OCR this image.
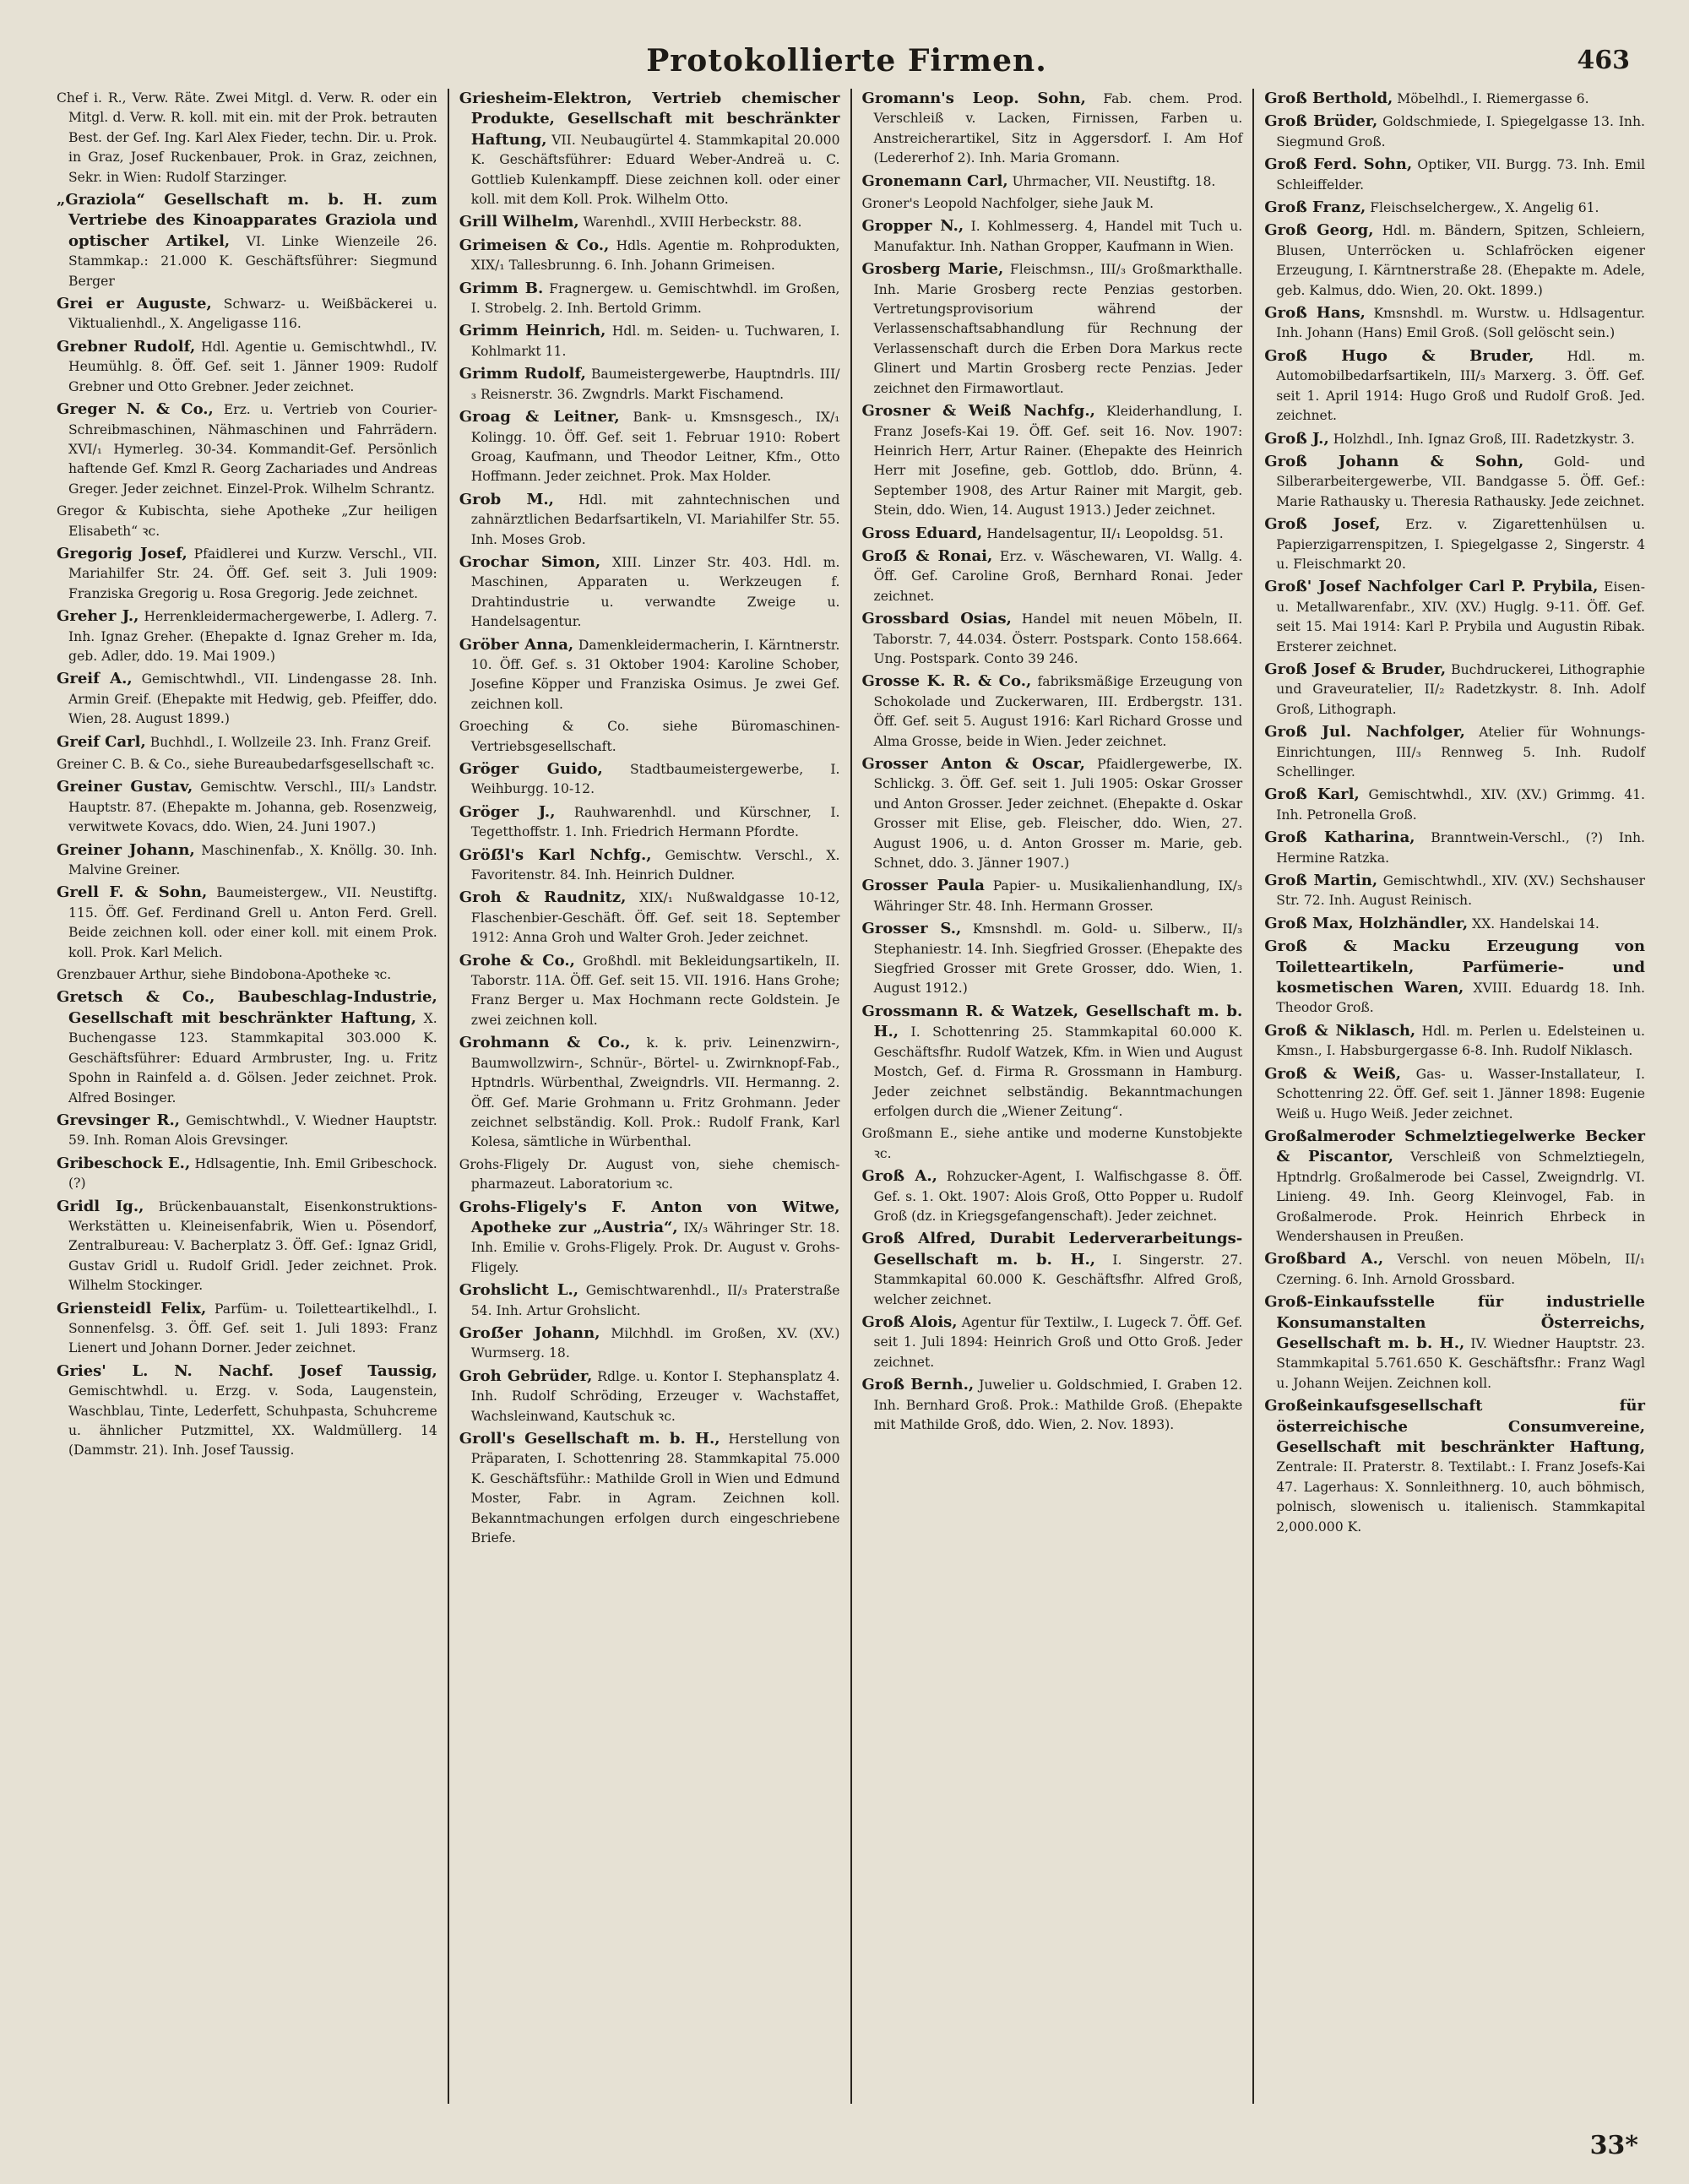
Protokollierte Firmen.	463

Chef i. R., Verw. Räte. Zwei Mitgl. d. Verw. R. oder ein Mitgl. d. Verw. R. koll. mit ein. mit der Prok. betrauten Best. der Gef. Ing. Karl Alex Fieder, techn. Dir. u. Prok. in Graz, Josef Ruckenbauer, Prok. in Graz, zeichnen, Sekr. in Wien: Rudolf Starzinger.

„Graziola“ Gesellschaft m. b. H. zum Vertriebe des Kinoapparates Graziola und optischer Artikel, VI. Linke Wienzeile 26. Stammkap.: 21.000 K. Geschäftsführer: Siegmund Berger

Grei er Auguste, Schwarz- u. Weißbäckerei u. Viktualienhdl., X. Angeligasse 116.

Grebner Rudolf, Hdl. Agentie u. Gemischtwhdl., IV. Heumühlg. 8. Öff. Gef. seit 1. Jänner 1909: Rudolf Grebner und Otto Grebner. Jeder zeichnet.

Greger N. & Co., Erz. u. Vertrieb von Courier-Schreibmaschinen, Nähmaschinen und Fahrrädern. XVI/₁ Hymerleg. 30-34. Kommandit-Gef. Persönlich haftende Gef. Kmzl R. Georg Zachariades und Andreas Greger. Jeder zeichnet. Einzel-Prok. Wilhelm Schrantz.

Gregor & Kubischta, siehe Apotheke „Zur heiligen Elisabeth“ ꝛc.

Gregorig Josef, Pfaidlerei und Kurzw. Verschl., VII. Mariahilfer Str. 24. Öff. Gef. seit 3. Juli 1909: Franziska Gregorig u. Rosa Gregorig. Jede zeichnet.

Greher J., Herrenkleidermachergewerbe, I. Adlerg. 7. Inh. Ignaz Greher. (Ehepakte d. Ignaz Greher m. Ida, geb. Adler, ddo. 19. Mai 1909.)

Greif A., Gemischtwhdl., VII. Lindengasse 28. Inh. Armin Greif. (Ehepakte mit Hedwig, geb. Pfeiffer, ddo. Wien, 28. August 1899.)

Greif Carl, Buchhdl., I. Wollzeile 23. Inh. Franz Greif.

Greiner C. B. & Co., siehe Bureaubedarfsgesellschaft ꝛc.

Greiner Gustav, Gemischtw. Verschl., III/₃ Landstr. Hauptstr. 87. (Ehepakte m. Johanna, geb. Rosenzweig, verwitwete Kovacs, ddo. Wien, 24. Juni 1907.)

Greiner Johann, Maschinenfab., X. Knöllg. 30. Inh. Malvine Greiner.

Grell F. & Sohn, Baumeistergew., VII. Neustiftg. 115. Öff. Gef. Ferdinand Grell u. Anton Ferd. Grell. Beide zeichnen koll. oder einer koll. mit einem Prok. koll. Prok. Karl Melich.

Grenzbauer Arthur, siehe Bindobona-Apotheke ꝛc.

Gretsch & Co., Baubeschlag-Industrie, Gesellschaft mit beschränkter Haftung, X. Buchengasse 123. Stammkapital 303.000 K. Geschäftsführer: Eduard Armbruster, Ing. u. Fritz Spohn in Rainfeld a. d. Gölsen. Jeder zeichnet. Prok. Alfred Bosinger.

Grevsinger R., Gemischtwhdl., V. Wiedner Hauptstr. 59. Inh. Roman Alois Grevsinger.

Gribeschock E., Hdlsagentie, Inh. Emil Gribeschock. (?)

Gridl Ig., Brückenbauanstalt, Eisenkonstruktions-Werkstätten u. Kleineisenfabrik, Wien u. Pösendorf, Zentralbureau: V. Bacherplatz 3. Öff. Gef.: Ignaz Gridl, Gustav Gridl u. Rudolf Gridl. Jeder zeichnet. Prok. Wilhelm Stockinger.

Griensteidl Felix, Parfüm- u. Toiletteartikelhdl., I. Sonnenfelsg. 3. Öff. Gef. seit 1. Juli 1893: Franz Lienert und Johann Dorner. Jeder zeichnet.

Gries' L. N. Nachf. Josef Taussig, Gemischtwhdl. u. Erzg. v. Soda, Laugenstein, Waschblau, Tinte, Lederfett, Schuhpasta, Schuhcreme u. ähnlicher Putzmittel, XX. Waldmüllerg. 14 (Dammstr. 21). Inh. Josef Taussig.

Griesheim-Elektron, Vertrieb chemischer Produkte, Gesellschaft mit beschränkter Haftung, VII. Neubaugürtel 4. Stammkapital 20.000 K. Geschäftsführer: Eduard Weber-Andreä u. C. Gottlieb Kulenkampff. Diese zeichnen koll. oder einer koll. mit dem Koll. Prok. Wilhelm Otto.

Grill Wilhelm, Warenhdl., XVIII Herbeckstr. 88.

Grimeisen & Co., Hdls. Agentie m. Rohprodukten, XIX/₁ Tallesbrunng. 6. Inh. Johann Grimeisen.

Grimm B. Fragnergew. u. Gemischtwhdl. im Großen, I. Strobelg. 2. Inh. Bertold Grimm.

Grimm Heinrich, Hdl. m. Seiden- u. Tuchwaren, I. Kohlmarkt 11.

Grimm Rudolf, Baumeistergewerbe, Hauptndrls. III/₃ Reisnerstr. 36. Zwgndrls. Markt Fischamend.

Groag & Leitner, Bank- u. Kmsnsgesch., IX/₁ Kolingg. 10. Öff. Gef. seit 1. Februar 1910: Robert Groag, Kaufmann, und Theodor Leitner, Kfm., Otto Hoffmann. Jeder zeichnet. Prok. Max Holder.

Grob M., Hdl. mit zahntechnischen und zahnärztlichen Bedarfsartikeln, VI. Mariahilfer Str. 55. Inh. Moses Grob.

Grochar Simon, XIII. Linzer Str. 403. Hdl. m. Maschinen, Apparaten u. Werkzeugen f. Drahtindustrie u. verwandte Zweige u. Handelsagentur.

Gröber Anna, Damenkleidermacherin, I. Kärntnerstr. 10. Öff. Gef. s. 31 Oktober 1904: Karoline Schober, Josefine Köpper und Franziska Osimus. Je zwei Gef. zeichnen koll.

Groeching & Co. siehe Büromaschinen-Vertriebsgesellschaft.

Gröger Guido, Stadtbaumeistergewerbe, I. Weihburgg. 10-12.

Gröger J., Rauhwarenhdl. und Kürschner, I. Tegetthoffstr. 1. Inh. Friedrich Hermann Pfordte.

Gröẞl's Karl Nchfg., Gemischtw. Verschl., X. Favoritenstr. 84. Inh. Heinrich Duldner.

Groh & Raudnitz, XIX/₁ Nußwaldgasse 10-12, Flaschenbier-Geschäft. Öff. Gef. seit 18. September 1912: Anna Groh und Walter Groh. Jeder zeichnet.

Grohe & Co., Großhdl. mit Bekleidungsartikeln, II. Taborstr. 11A. Öff. Gef. seit 15. VII. 1916. Hans Grohe; Franz Berger u. Max Hochmann recte Goldstein. Je zwei zeichnen koll.

Grohmann & Co., k. k. priv. Leinenzwirn-, Baumwollzwirn-, Schnür-, Börtel- u. Zwirnknopf-Fab., Hptndrls. Würbenthal, Zweigndrls. VII. Hermanng. 2. Öff. Gef. Marie Grohmann u. Fritz Grohmann. Jeder zeichnet selbständig. Koll. Prok.: Rudolf Frank, Karl Kolesa, sämtliche in Würbenthal.

Grohs-Fligely Dr. August von, siehe chemisch-pharmazeut. Laboratorium ꝛc.

Grohs-Fligely's F. Anton von Witwe, Apotheke zur „Austria“, IX/₃ Währinger Str. 18. Inh. Emilie v. Grohs-Fligely. Prok. Dr. August v. Grohs-Fligely.

Grohslicht L., Gemischtwarenhdl., II/₃ Praterstraße 54. Inh. Artur Grohslicht.

Groẞer Johann, Milchhdl. im Großen, XV. (XV.) Wurmserg. 18.

Groh Gebrüder, Rdlge. u. Kontor I. Stephansplatz 4. Inh. Rudolf Schröding, Erzeuger v. Wachstaffet, Wachsleinwand, Kautschuk ꝛc.

Groll's Gesellschaft m. b. H., Herstellung von Präparaten, I. Schottenring 28. Stammkapital 75.000 K. Geschäftsführ.: Mathilde Groll in Wien und Edmund Moster, Fabr. in Agram. Zeichnen koll. Bekanntmachungen erfolgen durch eingeschriebene Briefe.

Gromann's Leop. Sohn, Fab. chem. Prod. Verschleiß v. Lacken, Firnissen, Farben u. Anstreicherartikel, Sitz in Aggersdorf. I. Am Hof (Ledererhof 2). Inh. Maria Gromann.

Gronemann Carl, Uhrmacher, VII. Neustiftg. 18.

Groner's Leopold Nachfolger, siehe Jauk M.

Gropper N., I. Kohlmesserg. 4, Handel mit Tuch u. Manufaktur. Inh. Nathan Gropper, Kaufmann in Wien.

Grosberg Marie, Fleischmsn., III/₃ Großmarkthalle. Inh. Marie Grosberg recte Penzias gestorben. Vertretungsprovisorium während der Verlassenschaftsabhandlung für Rechnung der Verlassenschaft durch die Erben Dora Markus recte Glinert und Martin Grosberg recte Penzias. Jeder zeichnet den Firmawortlaut.

Grosner & Weiß Nachfg., Kleiderhandlung, I. Franz Josefs-Kai 19. Öff. Gef. seit 16. Nov. 1907: Heinrich Herr, Artur Rainer. (Ehepakte des Heinrich Herr mit Josefine, geb. Gottlob, ddo. Brünn, 4. September 1908, des Artur Rainer mit Margit, geb. Stein, ddo. Wien, 14. August 1913.) Jeder zeichnet.

Gross Eduard, Handelsagentur, II/₁ Leopoldsg. 51.

Groẞ & Ronai, Erz. v. Wäschewaren, VI. Wallg. 4. Öff. Gef. Caroline Groß, Bernhard Ronai. Jeder zeichnet.

Grossbard Osias, Handel mit neuen Möbeln, II. Taborstr. 7, 44.034. Österr. Postspark. Conto 158.664. Ung. Postspark. Conto 39 246.

Grosse K. R. & Co., fabriksmäßige Erzeugung von Schokolade und Zuckerwaren, III. Erdbergstr. 131. Öff. Gef. seit 5. August 1916: Karl Richard Grosse und Alma Grosse, beide in Wien. Jeder zeichnet.

Grosser Anton & Oscar, Pfaidlergewerbe, IX. Schlickg. 3. Öff. Gef. seit 1. Juli 1905: Oskar Grosser und Anton Grosser. Jeder zeichnet. (Ehepakte d. Oskar Grosser mit Elise, geb. Fleischer, ddo. Wien, 27. August 1906, u. d. Anton Grosser m. Marie, geb. Schnet, ddo. 3. Jänner 1907.)

Grosser Paula Papier- u. Musikalienhandlung, IX/₃ Währinger Str. 48. Inh. Hermann Grosser.

Grosser S., Kmsnshdl. m. Gold- u. Silberw., II/₃ Stephaniestr. 14. Inh. Siegfried Grosser. (Ehepakte des Siegfried Grosser mit Grete Grosser, ddo. Wien, 1. August 1912.)

Grossmann R. & Watzek, Gesellschaft m. b. H., I. Schottenring 25. Stammkapital 60.000 K. Geschäftsfhr. Rudolf Watzek, Kfm. in Wien und August Mostch, Gef. d. Firma R. Grossmann in Hamburg. Jeder zeichnet selbständig. Bekanntmachungen erfolgen durch die „Wiener Zeitung“.

Großmann E., siehe antike und moderne Kunstobjekte ꝛc.

Groß A., Rohzucker-Agent, I. Walfischgasse 8. Öff. Gef. s. 1. Okt. 1907: Alois Groß, Otto Popper u. Rudolf Groß (dz. in Kriegsgefangenschaft). Jeder zeichnet.

Groß Alfred, Durabit Lederverarbeitungs-Gesellschaft m. b. H., I. Singerstr. 27. Stammkapital 60.000 K. Geschäftsfhr. Alfred Groß, welcher zeichnet.

Groß Alois, Agentur für Textilw., I. Lugeck 7. Öff. Gef. seit 1. Juli 1894: Heinrich Groß und Otto Groß. Jeder zeichnet.

Groß Bernh., Juwelier u. Goldschmied, I. Graben 12. Inh. Bernhard Groß. Prok.: Mathilde Groß. (Ehepakte mit Mathilde Groß, ddo. Wien, 2. Nov. 1893).

Groß Berthold, Möbelhdl., I. Riemergasse 6.

Groß Brüder, Goldschmiede, I. Spiegelgasse 13. Inh. Siegmund Groß.

Groß Ferd. Sohn, Optiker, VII. Burgg. 73. Inh. Emil Schleiffelder.

Groß Franz, Fleischselchergew., X. Angelig 61.

Groß Georg, Hdl. m. Bändern, Spitzen, Schleiern, Blusen, Unterröcken u. Schlafröcken eigener Erzeugung, I. Kärntnerstraße 28. (Ehepakte m. Adele, geb. Kalmus, ddo. Wien, 20. Okt. 1899.)

Groß Hans, Kmsnshdl. m. Wurstw. u. Hdlsagentur. Inh. Johann (Hans) Emil Groß. (Soll gelöscht sein.)

Groß Hugo & Bruder,	Hdl. m. Automobilbedarfsartikeln, III/₃ Marxerg. 3. Öff. Gef. seit 1. April 1914: Hugo Groß und Rudolf Groß. Jed. zeichnet.

Groß J., Holzhdl., Inh. Ignaz Groß, III. Radetzkystr. 3.

Groß Johann & Sohn, Gold- und Silberarbeitergewerbe, VII. Bandgasse 5. Öff. Gef.: Marie Rathausky u. Theresia Rathausky. Jede zeichnet.

Groß Josef, Erz. v. Zigarettenhülsen u. Papierzigarrenspitzen, I. Spiegelgasse 2, Singerstr. 4 u. Fleischmarkt 20.

Groß' Josef Nachfolger Carl P. Prybila, Eisen- u. Metallwarenfabr., XIV. (XV.) Huglg. 9-11. Öff. Gef. seit 15. Mai 1914: Karl P. Prybila und Augustin Ribak. Ersterer zeichnet.

Groß Josef & Bruder, Buchdruckerei, Lithographie und Graveuratelier, II/₂ Radetzkystr. 8. Inh. Adolf Groß, Lithograph.

Groß Jul. Nachfolger, Atelier für Wohnungs-Einrichtungen, III/₃ Rennweg 5. Inh. Rudolf Schellinger.

Groß Karl, Gemischtwhdl., XIV. (XV.) Grimmg. 41. Inh. Petronella Groß.

Groß Katharina, Branntwein-Verschl., (?) Inh. Hermine Ratzka.

Groß Martin, Gemischtwhdl., XIV. (XV.) Sechshauser Str. 72. Inh. August Reinisch.

Groß Max, Holzhändler, XX. Handelskai 14.

Groß & Macku Erzeugung von Toiletteartikeln, Parfümerie- und kosmetischen Waren, XVIII. Eduardg 18. Inh. Theodor Groß.

Groß & Niklasch, Hdl. m. Perlen u. Edelsteinen u. Kmsn., I. Habsburgergasse 6-8. Inh. Rudolf Niklasch.

Groß & Weiß, Gas- u. Wasser-Installateur, I. Schottenring 22. Öff. Gef. seit 1. Jänner 1898: Eugenie Weiß u. Hugo Weiß. Jeder zeichnet.

Großalmeroder Schmelztiegelwerke Becker & Piscantor, Verschleiß von Schmelztiegeln, Hptndrlg. Großalmerode bei Cassel, Zweigndrlg. VI. Linieng. 49. Inh. Georg Kleinvogel, Fab. in Großalmerode. Prok. Heinrich Ehrbeck in Wendershausen in Preußen.

Großbard A., Verschl. von neuen Möbeln, II/₁ Czerning. 6. Inh. Arnold Grossbard.

Groß-Einkaufsstelle für industrielle Konsumanstalten Österreichs, Gesellschaft m. b. H., IV. Wiedner Hauptstr. 23. Stammkapital 5.761.650 K. Geschäftsfhr.: Franz Wagl u. Johann Weijen. Zeichnen koll.

Großeinkaufsgesellschaft für österreichische Consumvereine, Gesellschaft mit beschränkter Haftung, Zentrale: II. Praterstr. 8. Textilabt.: I. Franz Josefs-Kai 47. Lagerhaus: X. Sonnleithnerg. 10, auch böhmisch, polnisch, slowenisch u. italienisch. Stammkapital 2,000.000 K.

33*
